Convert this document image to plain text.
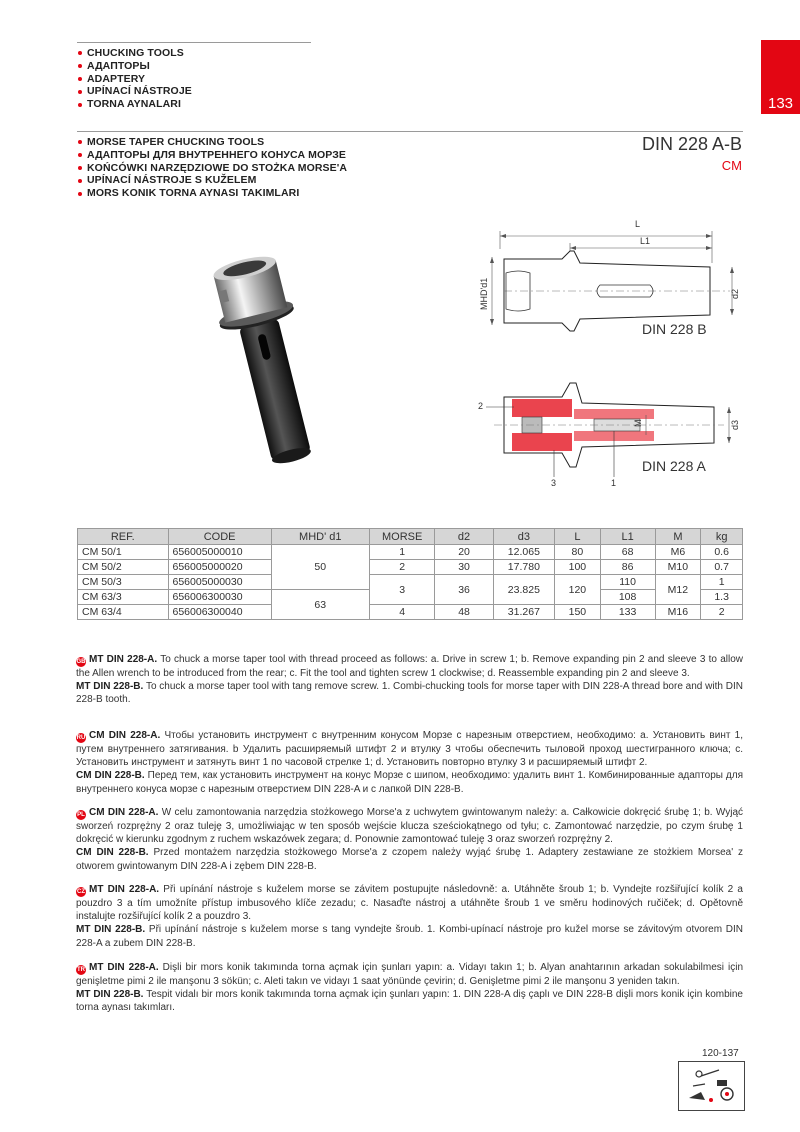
CHUCKING TOOLS
АДАПТОРЫ
ADAPTERY
UPÍNACÍ NÁSTROJE
TORNA AYNALARI	133
MORSE TAPER CHUCKING TOOLS
АДАПТОРЫ ДЛЯ ВНУТРЕННЕГО КОНУСА МОРЗЕ
KOŃCÓWKI NARZĘDZIOWE DO STOŻKA MORSE'A
UPÍNACÍ NÁSTROJE S KUŽELEM
MORS KONIK TORNA AYNASI TAKIMLARI
DIN 228 A-B
CM
L
L1
MHD'd1	d2
DIN 228 B
2
3	1
M	d3
DIN 228 A
REF.	CODE	MHD' d1	MORSE	d2	d3	L	L1	M	kg
CM 50/1	656005000010	50	1	20	12.065	80	68	M6	0.6
CM 50/2	656005000020		2	30	17.780	100	86	M10	0.7
CM 50/3	656005000030		3	36	23.825	120	110	M12	1
CM 63/3	656006300030	63					108		1.3
CM 63/4	656006300040		4	48	31.267	150	133	M16	2
GB MT DIN 228-A. To chuck a morse taper tool with thread proceed as follows: a. Drive in screw 1; b. Remove expanding pin 2 and sleeve 3 to allow the Allen wrench to be introduced from the rear; c. Fit the tool and tighten screw 1 clockwise; d. Reassemble expanding pin 2 and sleeve 3.
MT DIN 228-B. To chuck a morse taper tool with tang remove screw. 1. Combi-chucking tools for morse taper with DIN 228-A thread bore and with DIN 228-B tooth.
RU CM DIN 228-A. Чтобы установить инструмент с внутренним конусом Морзе с нарезным отверстием, необходимо: a. Установить винт 1, путем внутреннего затягивания. b Удалить расширяемый штифт 2 и втулку 3 чтобы обеспечить тыловой проход шестигранного ключа; c. Установить инструмент и затянуть винт 1 по часовой стрелке 1; d. Установить повторно втулку 3 и расширяемый штифт 2.
CM DIN 228-B. Перед тем, как установить инструмент на конус Морзе с шипом, необходимо: удалить винт 1. Комбинированные адапторы для внутреннего конуса морзе с нарезным отверстием DIN 228-A и с лапкой DIN 228-B.
PL CM DIN 228-A. W celu zamontowania narzędzia stożkowego Morse'a z uchwytem gwintowanym należy: a. Całkowicie dokręcić śrubę 1; b. Wyjąć sworzeń rozprężny 2 oraz tuleję 3, umożliwiając w ten sposób wejście klucza sześciokątnego od tyłu; c. Zamontować narzędzie, po czym śrubę 1 dokręcić w kierunku zgodnym z ruchem wskazówek zegara; d. Ponownie zamontować tuleję 3 oraz sworzeń rozprężny 2.
CM DIN 228-B. Przed montażem narzędzia stożkowego Morse'a z czopem należy wyjąć śrubę 1. Adaptery zestawiane ze stożkiem Morsea' z otworem gwintowanym DIN 228-A i zębem DIN 228-B.
CZ MT DIN 228-A. Při upínání nástroje s kuželem morse se závitem postupujte následovně: a. Utáhněte šroub 1; b. Vyndejte rozšiřující kolík 2 a pouzdro 3 a tím umožníte přístup imbusového klíče zezadu; c. Nasaďte nástroj a utáhněte šroub 1 ve směru hodinových ručiček; d. Opětovně instalujte rozšiřující kolík 2 a pouzdro 3.
MT DIN 228-B. Při upínání nástroje s kuželem morse s tang vyndejte šroub. 1. Kombi-upínací nástroje pro kužel morse se závitovým otvorem DIN 228-A a zubem DIN 228-B.
TR MT DIN 228-A. Dişli bir mors konik takımında torna açmak için şunları yapın: a. Vidayı takın 1; b. Alyan anahtarının arkadan sokulabilmesi için genişletme pimi 2 ile manşonu 3 sökün; c. Aleti takın ve vidayı 1 saat yönünde çevirin; d. Genişletme pimi 2 ile manşonu 3 yeniden takın.
MT DIN 228-B. Tespit vidalı bir mors konik takımında torna açmak için şunları yapın: 1. DIN 228-A diş çaplı ve DIN 228-B dişli mors konik için kombine torna aynası takımları.
120-137
